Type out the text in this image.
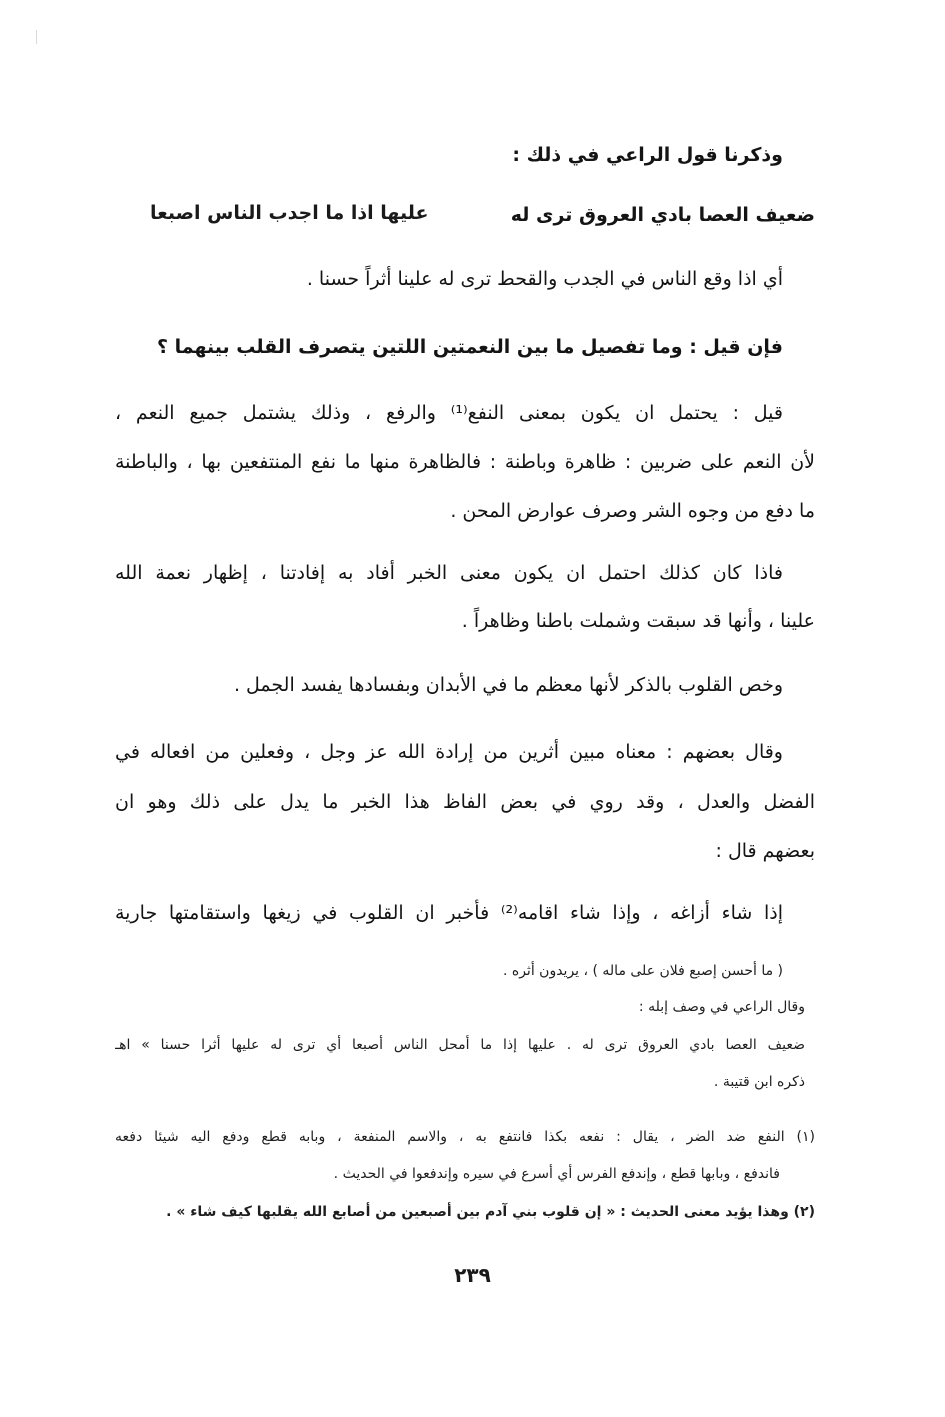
وذكرنا قول الراعي في ذلك :
ضعيف العصا بادي العروق ترى له
عليها اذا ما اجدب الناس اصبعا
أي اذا وقع الناس في الجدب والقحط ترى له علينا أثراً حسنا .
فإن قيل : وما تفصيل ما بين النعمتين اللتين يتصرف القلب بينهما ؟
قيل : يحتمل ان يكون بمعنى النفع⁽¹⁾ والرفع ، وذلك يشتمل جميع النعم ،
لأن النعم على ضربين : ظاهرة وباطنة : فالظاهرة منها ما نفع المنتفعين بها ، والباطنة
ما دفع من وجوه الشر وصرف عوارض المحن .
فاذا كان كذلك احتمل ان يكون معنى الخبر أفاد به إفادتنا ، إظهار نعمة الله
علينا ، وأنها قد سبقت وشملت باطنا وظاهراً .
وخص القلوب بالذكر لأنها معظم ما في الأبدان وبفسادها يفسد الجمل .
وقال بعضهم : معناه مبين أثرين من إرادة الله عز وجل ، وفعلين من افعاله في
الفضل والعدل ، وقد روي في بعض الفاظ هذا الخبر ما يدل على ذلك وهو ان
بعضهم قال :
إذا شاء أزاغه ، وإذا شاء اقامه⁽²⁾ فأخبر ان القلوب في زيغها واستقامتها جارية
( ما أحسن إصبع فلان على ماله ) ، يريدون أثره .
وقال الراعي في وصف إبله :
ضعيف العصا بادي العروق ترى له . عليها إذا ما أمحل الناس أصبعا أي ترى له عليها أثرا حسنا » اهـ
ذكره ابن قتيبة .
(١) النفع ضد الضر ، يقال : نفعه بكذا فانتفع به ، والاسم المنفعة ، وبابه قطع ودفع اليه شيئا دفعه
فاندفع ، وبابها قطع ، وإندفع الفرس أي أسرع في سيره وإندفعوا في الحديث .
(٢) وهذا يؤيد معنى الحديث : « إن قلوب بني آدم بين أصبعين من أصابع الله يقلبها كيف شاء » .
٢٣٩
